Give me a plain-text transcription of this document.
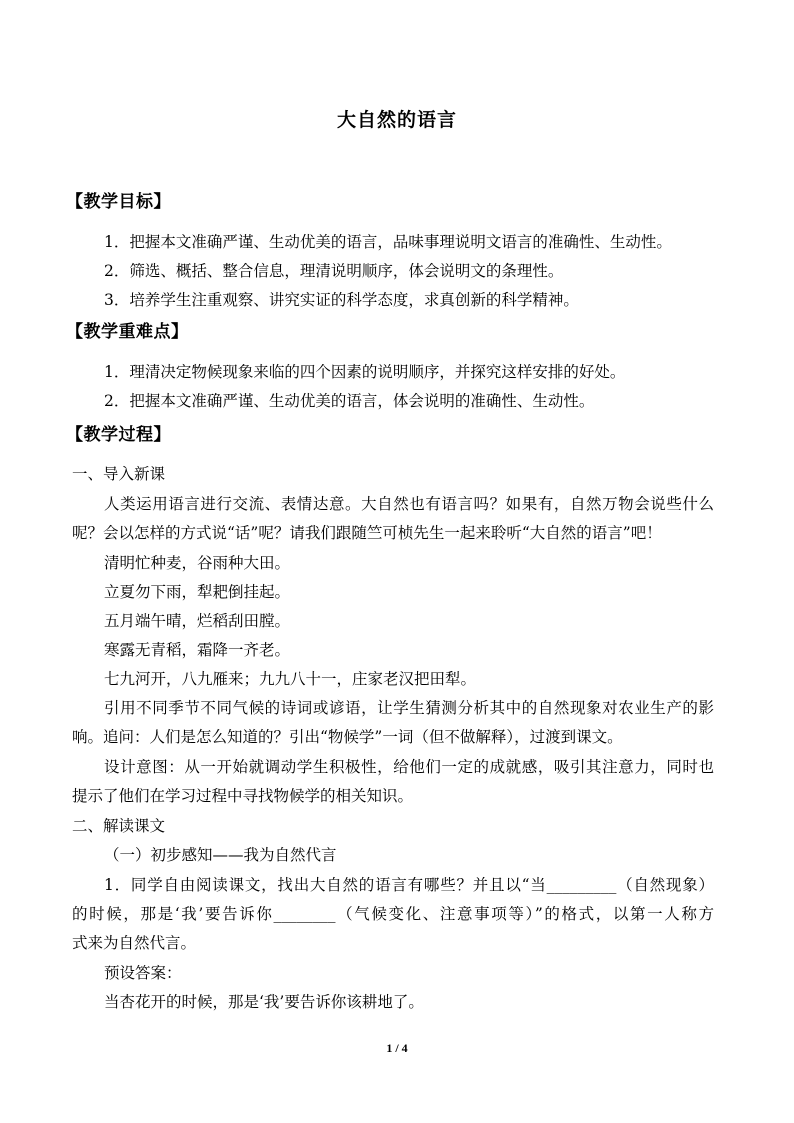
大自然的语言
【教学目标】
1．把握本文准确严谨、生动优美的语言，品味事理说明文语言的准确性、生动性。
2．筛选、概括、整合信息，理清说明顺序，体会说明文的条理性。
3．培养学生注重观察、讲究实证的科学态度，求真创新的科学精神。
【教学重难点】
1．理清决定物候现象来临的四个因素的说明顺序，并探究这样安排的好处。
2．把握本文准确严谨、生动优美的语言，体会说明的准确性、生动性。
【教学过程】
一、导入新课
人类运用语言进行交流、表情达意。大自然也有语言吗？如果有，自然万物会说些什么
呢？会以怎样的方式说“话”呢？请我们跟随竺可桢先生一起来聆听“大自然的语言”吧！
清明忙种麦，谷雨种大田。
立夏勿下雨，犁耙倒挂起。
五月端午晴，烂稻刮田膛。
寒露无青稻，霜降一齐老。
七九河开，八九雁来；九九八十一，庄家老汉把田犁。
引用不同季节不同气候的诗词或谚语，让学生猜测分析其中的自然现象对农业生产的影
响。追问：人们是怎么知道的？引出“物候学”一词（但不做解释），过渡到课文。
设计意图：从一开始就调动学生积极性，给他们一定的成就感，吸引其注意力，同时也
提示了他们在学习过程中寻找物候学的相关知识。
二、解读课文
（一）初步感知——我为自然代言
1．同学自由阅读课文，找出大自然的语言有哪些？并且以“当_________（自然现象）
的时候，那是‘我’要告诉你________（气候变化、注意事项等）”的格式，以第一人称方
式来为自然代言。
预设答案：
当杏花开的时候，那是‘我’要告诉你该耕地了。
1 / 4
